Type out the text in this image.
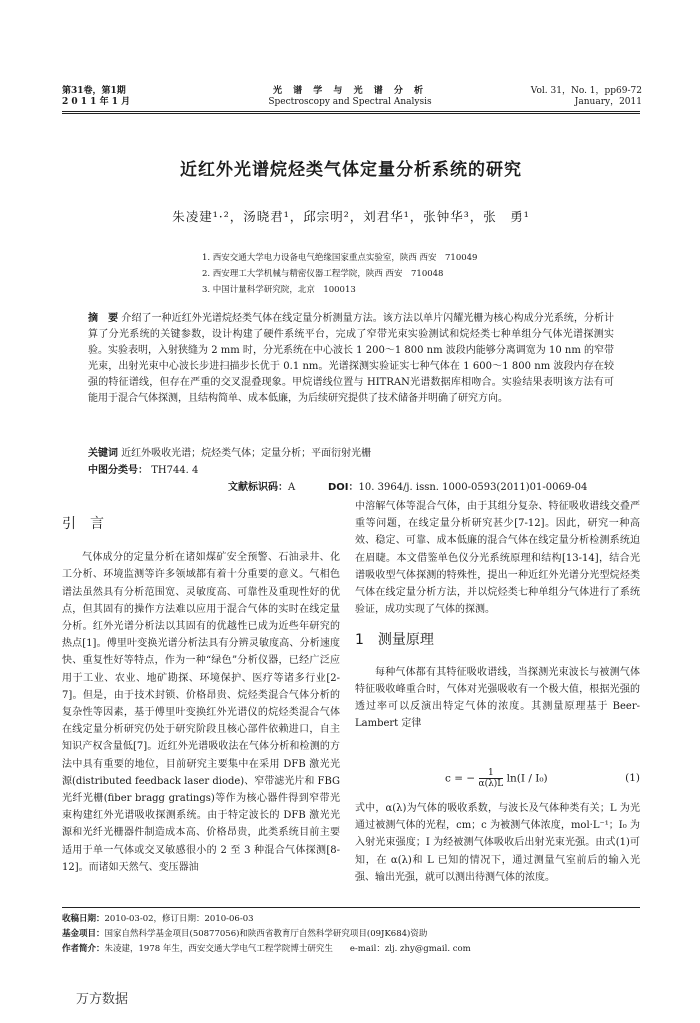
第31卷，第1期
2 0 1 1 年 1 月
光 谱 学 与 光 谱 分 析
Spectroscopy and Spectral Analysis
Vol. 31，No. 1，pp69-72
January，2011
近红外光谱烷烃类气体定量分析系统的研究
朱凌建¹·²，汤晓君¹，邱宗明²，刘君华¹，张钟华³，张　勇¹
1. 西安交通大学电力设备电气绝缘国家重点实验室，陕西 西安　710049
2. 西安理工大学机械与精密仪器工程学院，陕西 西安　710048
3. 中国计量科学研究院，北京　100013
摘　要 介绍了一种近红外光谱烷烃类气体在线定量分析测量方法。该方法以单片闪耀光栅为核心构成分光系统，分析计算了分光系统的关键参数，设计构建了硬件系统平台，完成了窄带光束实验测试和烷烃类七种单组分气体光谱探测实验。实验表明，入射狭缝为 2 mm 时，分光系统在中心波长 1 200～1 800 nm 波段内能够分离调宽为 10 nm 的窄带光束，出射光束中心波长步进扫描步长优于 0.1 nm。光谱探测实验证实七种气体在 1 600～1 800 nm 波段内存在较强的特征谱线，但存在严重的交叉混叠现象。甲烷谱线位置与 HITRAN光谱数据库相吻合。实验结果表明该方法有可能用于混合气体探测，且结构简单、成本低廉，为后续研究提供了技术储备并明确了研究方向。
关键词 近红外吸收光谱；烷烃类气体；定量分析；平面衍射光栅
中图分类号： TH744. 4
文献标识码：A	DOI：10. 3964/j. issn. 1000-0593(2011)01-0069-04
引　言
气体成分的定量分析在诸如煤矿安全预警、石油录井、化工分析、环境监测等许多领域都有着十分重要的意义。气相色谱法虽然具有分析范围宽、灵敏度高、可靠性及重现性好的优点，但其固有的操作方法难以应用于混合气体的实时在线定量分析。红外光谱分析法以其固有的优越性已成为近些年研究的热点[1]。傅里叶变换光谱分析法具有分辨灵敏度高、分析速度快、重复性好等特点，作为一种“绿色”分析仪器，已经广泛应用于工业、农业、地矿勘探、环境保护、医疗等诸多行业[2-7]。但是，由于技术封锁、价格昂贵、烷烃类混合气体分析的复杂性等因素，基于傅里叶变换红外光谱仪的烷烃类混合气体在线定量分析研究仍处于研究阶段且核心部件依赖进口，自主知识产权含量低[7]。近红外光谱吸收法在气体分析和检测的方法中具有重要的地位，目前研究主要集中在采用 DFB 激光光源(distributed feedback laser diode)、窄带滤光片和 FBG 光纤光栅(fiber bragg gratings)等作为核心器件得到窄带光束构建红外光谱吸收探测系统。由于特定波长的 DFB 激光光源和光纤光栅器件制造成本高、价格昂贵，此类系统目前主要适用于单一气体或交叉敏感很小的 2 至 3 种混合气体探测[8-12]。而诸如天然气、变压器油
中溶解气体等混合气体，由于其组分复杂、特征吸收谱线交叠严重等问题，在线定量分析研究甚少[7-12]。因此，研究一种高效、稳定、可靠、成本低廉的混合气体在线定量分析检测系统迫在眉睫。本文借鉴单色仪分光系统原理和结构[13-14]，结合光谱吸收型气体探测的特殊性，提出一种近红外光谱分光型烷烃类气体在线定量分析方法，并以烷烃类七种单组分气体进行了系统验证，成功实现了气体的探测。
1　测量原理
每种气体都有其特征吸收谱线，当探测光束波长与被测气体特征吸收峰重合时，气体对光强吸收有一个极大值，根据光强的透过率可以反演出特定气体的浓度。其测量原理基于 Beer-Lambert 定律
c = − $\frac{1}{\alpha(\lambda)L} \ln(I / I_0)$	(1)
式中，α(λ)为气体的吸收系数，与波长及气体种类有关；L 为光通过被测气体的光程，cm；c 为被测气体浓度，mol·L⁻¹；I₀ 为入射光束强度；I 为经被测气体吸收后出射光束光强。由式(1)可知，在 α(λ)和 L 已知的情况下，通过测量气室前后的输入光强、输出光强，就可以测出待测气体的浓度。
收稿日期：2010-03-02，修订日期：2010-06-03
基金项目：国家自然科学基金项目(50877056)和陕西省教育厅自然科学研究项目(09JK684)资助
作者简介：朱凌建，1978 年生，西安交通大学电气工程学院博士研究生　　e-mail：zlj. zhy@gmail. com
万方数据
